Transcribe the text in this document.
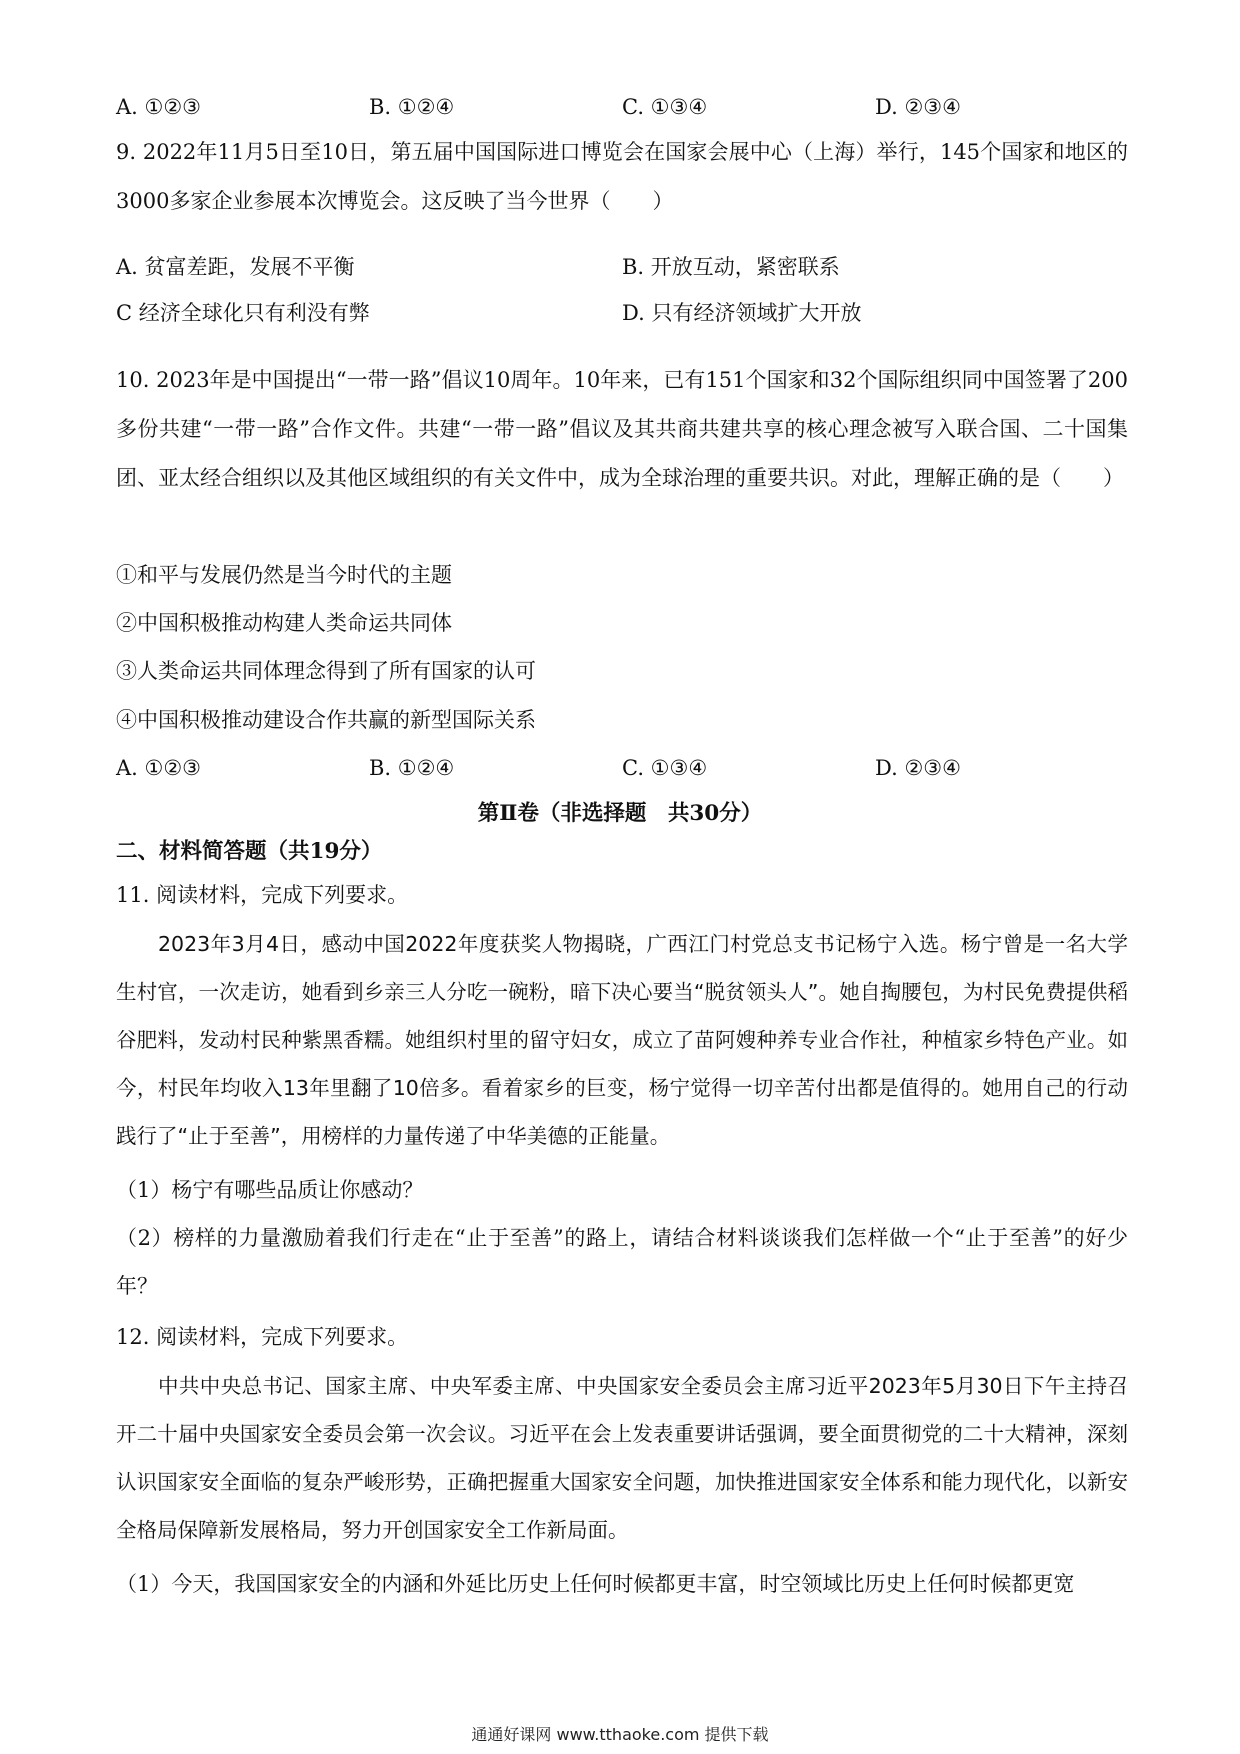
A. ①②③	B. ①②④	C. ①③④	D. ②③④
9. 2022年11月5日至10日，第五届中国国际进口博览会在国家会展中心（上海）举行，145个国家和地区的3000多家企业参展本次博览会。这反映了当今世界（　　）
A. 贫富差距，发展不平衡	B. 开放互动，紧密联系
C 经济全球化只有利没有弊	D. 只有经济领域扩大开放
10. 2023年是中国提出“一带一路”倡议10周年。10年来，已有151个国家和32个国际组织同中国签署了200多份共建“一带一路”合作文件。共建“一带一路”倡议及其共商共建共享的核心理念被写入联合国、二十国集团、亚太经合组织以及其他区域组织的有关文件中，成为全球治理的重要共识。对此，理解正确的是（　　）
①和平与发展仍然是当今时代的主题
②中国积极推动构建人类命运共同体
③人类命运共同体理念得到了所有国家的认可
④中国积极推动建设合作共赢的新型国际关系
A. ①②③	B. ①②④	C. ①③④	D. ②③④
第Ⅱ卷（非选择题　共30分）
二、材料简答题（共19分）
11. 阅读材料，完成下列要求。
2023年3月4日，感动中国2022年度获奖人物揭晓，广西江门村党总支书记杨宁入选。杨宁曾是一名大学生村官，一次走访，她看到乡亲三人分吃一碗粉，暗下决心要当“脱贫领头人”。她自掏腰包，为村民免费提供稻谷肥料，发动村民种紫黑香糯。她组织村里的留守妇女，成立了苗阿嫂种养专业合作社，种植家乡特色产业。如今，村民年均收入13年里翻了10倍多。看着家乡的巨变，杨宁觉得一切辛苦付出都是值得的。她用自己的行动践行了“止于至善”，用榜样的力量传递了中华美德的正能量。
（1）杨宁有哪些品质让你感动？
（2）榜样的力量激励着我们行走在“止于至善”的路上，请结合材料谈谈我们怎样做一个“止于至善”的好少年？
12. 阅读材料，完成下列要求。
中共中央总书记、国家主席、中央军委主席、中央国家安全委员会主席习近平2023年5月30日下午主持召开二十届中央国家安全委员会第一次会议。习近平在会上发表重要讲话强调，要全面贯彻党的二十大精神，深刻认识国家安全面临的复杂严峻形势，正确把握重大国家安全问题，加快推进国家安全体系和能力现代化，以新安全格局保障新发展格局，努力开创国家安全工作新局面。
（1）今天，我国国家安全的内涵和外延比历史上任何时候都更丰富，时空领域比历史上任何时候都更宽
通通好课网 www.tthaoke.com 提供下载
